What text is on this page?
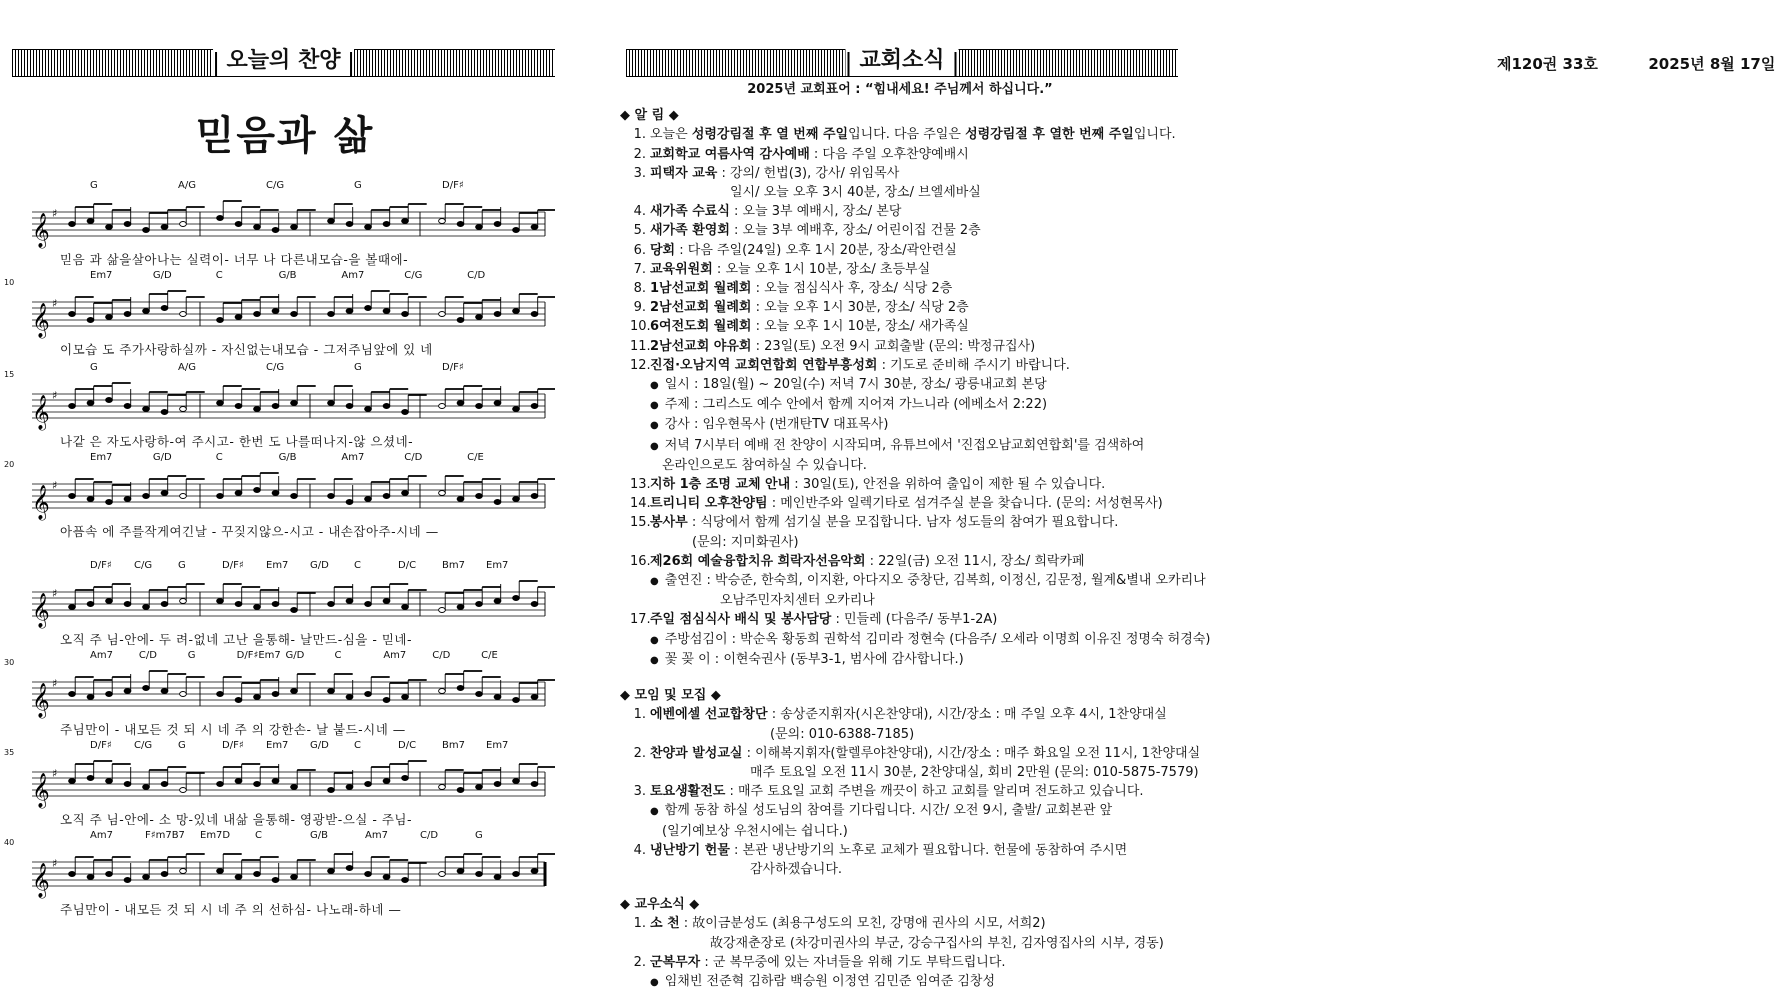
오늘의 찬양	교회소식	제120권 33호	2025년 8월 17일
믿음과 삶
G	A/G	C/G	G	D/F♯
𝄞 ♯
믿음 과 삶을살아나는 실력이- 너무 나 다른내모습-을 볼때에-
Em7	G/D	C	G/B	Am7	C/G	C/D
10
𝄞 ♯
이모습 도 주가사랑하실까 - 자신없는내모습 - 그저주님앞에 있 네
G	A/G	C/G	G	D/F♯
15
𝄞 ♯
나같 은 자도사랑하-여 주시고- 한번 도 나를떠나지-않 으셨네-
Em7	G/D	C	G/B	Am7	C/D	C/E
20
𝄞 ♯
아픔속 에 주를작게여긴날 - 꾸짖지않으-시고 - 내손잡아주-시네 —
D/F♯ C/G	G	D/F♯ Em7 G/D	C	D/C	Bm7 Em7
𝄞 ♯
오직 주 님-안에- 두 려-없네 고난 을통해- 날만드-심을 - 믿네-
Am7	C/D	G	D/F♯Em7 G/D	C	Am7	C/D	C/E
30
𝄞 ♯
주님만이 - 내모든 것 되 시 네 주 의 강한손- 날 붙드-시네 —
D/F♯ C/G	G	D/F♯ Em7 G/D	C	D/C	Bm7 Em7
35
𝄞 ♯
오직 주 님-안에- 소 망-있네 내삶 을통해- 영광받-으실 - 주님-
Am7	F♯m7B7 Em7D C	G/B	Am7	C/D	G
40
𝄞 ♯
주님만이 - 내모든 것 되 시 네 주 의 선하심- 나노래-하네 —
2025년 교회표어 : “힘내세요! 주님께서 하십니다.”
◆ 알 림 ◆
1. 오늘은 성령강림절 후 열 번째 주일입니다. 다음 주일은 성령강림절 후 열한 번째 주일입니다.
2. 교회학교 여름사역 감사예배 : 다음 주일 오후찬양예배시
3. 피택자 교육 : 강의/ 헌법(3), 강사/ 위임목사
일시/ 오늘 오후 3시 40분, 장소/ 브엘세바실
4. 새가족 수료식 : 오늘 3부 예배시, 장소/ 본당
5. 새가족 환영회 : 오늘 3부 예배후, 장소/ 어린이집 건물 2층
6. 당회 : 다음 주일(24일) 오후 1시 20분, 장소/곽안련실
7. 교육위원회 : 오늘 오후 1시 10분, 장소/ 초등부실
8. 1남선교회 월례회 : 오늘 점심식사 후, 장소/ 식당 2층
9. 2남선교회 월례회 : 오늘 오후 1시 30분, 장소/ 식당 2층
10.6여전도회 월례회 : 오늘 오후 1시 10분, 장소/ 새가족실
11.2남선교회 야유회 : 23일(토) 오전 9시 교회출발 (문의: 박정규집사)
12.진접·오남지역 교회연합회 연합부흥성회 : 기도로 준비해 주시기 바랍니다.
● 일시 : 18일(월) ~ 20일(수) 저녁 7시 30분, 장소/ 광릉내교회 본당
● 주제 : 그리스도 예수 안에서 함께 지어져 가느니라 (에베소서 2:22)
● 강사 : 임우현목사 (번개탄TV 대표목사)
● 저녁 7시부터 예배 전 찬양이 시작되며, 유튜브에서 '진접오남교회연합회'를 검색하여
온라인으로도 참여하실 수 있습니다.
13.지하 1층 조명 교체 안내 : 30일(토), 안전을 위하여 출입이 제한 될 수 있습니다.
14.트리니티 오후찬양팀 : 메인반주와 일렉기타로 섬겨주실 분을 찾습니다. (문의: 서성현목사)
15.봉사부 : 식당에서 함께 섬기실 분을 모집합니다. 남자 성도들의 참여가 필요합니다.
(문의: 지미화권사)
16.제26회 예술융합치유 희락자선음악회 : 22일(금) 오전 11시, 장소/ 희락카페
● 출연진 : 박승준, 한숙희, 이지환, 아다지오 중창단, 김복희, 이정신, 김문정, 월계&별내 오카리나
오남주민자치센터 오카리나
17.주일 점심식사 배식 및 봉사담당 : 민들레 (다음주/ 동부1-2A)
● 주방섬김이 : 박순옥 황동희 권학석 김미라 정현숙 (다음주/ 오세라 이명희 이유진 정명숙 허경숙)
● 꽃 꽂 이 : 이현숙권사 (동부3-1, 범사에 감사합니다.)
◆ 모임 및 모집 ◆
1. 에벤에셀 선교합창단 : 송상준지휘자(시온찬양대), 시간/장소 : 매 주일 오후 4시, 1찬양대실
(문의: 010-6388-7185)
2. 찬양과 발성교실 : 이해복지휘자(할렐루야찬양대), 시간/장소 : 매주 화요일 오전 11시, 1찬양대실
매주 토요일 오전 11시 30분, 2찬양대실, 회비 2만원 (문의: 010-5875-7579)
3. 토요생활전도 : 매주 토요일 교회 주변을 깨끗이 하고 교회를 알리며 전도하고 있습니다.
● 함께 동참 하실 성도님의 참여를 기다립니다. 시간/ 오전 9시, 출발/ 교회본관 앞
(일기예보상 우천시에는 쉽니다.)
4. 냉난방기 헌물 : 본관 냉난방기의 노후로 교체가 필요합니다. 헌물에 동참하여 주시면
감사하겠습니다.
◆ 교우소식 ◆
1. 소 천 : 故이금분성도 (최용구성도의 모친, 강명애 권사의 시모, 서희2)
故강재춘장로 (차강미권사의 부군, 강승구집사의 부친, 김자영집사의 시부, 경동)
2. 군복무자 : 군 복무중에 있는 자녀들을 위해 기도 부탁드립니다.
● 임채빈 전준혁 김하람 백승원 이정연 김민준 임여준 김창성
